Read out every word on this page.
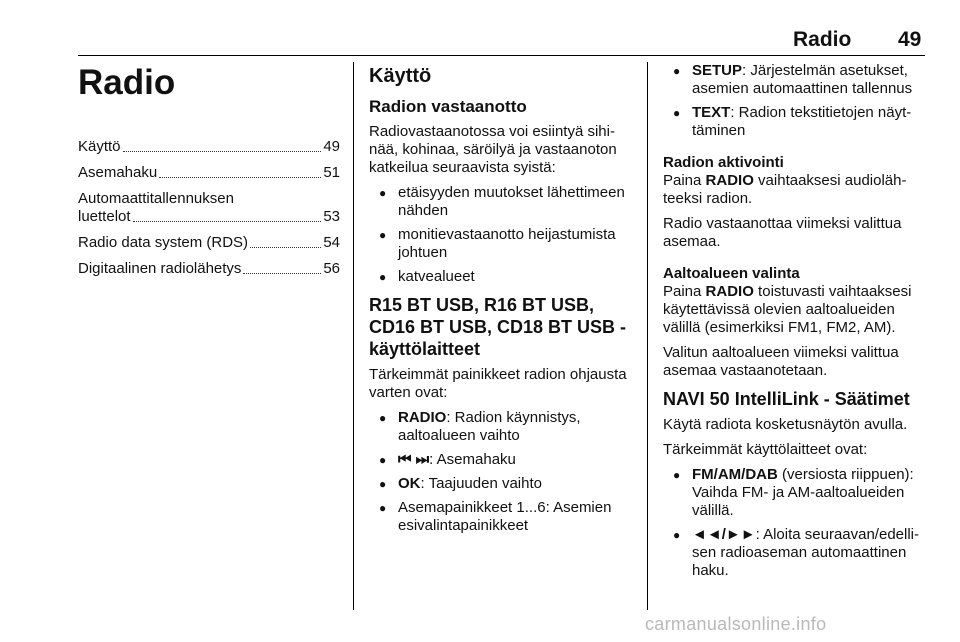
Radio 49
Radio
Käyttö	49
Asemahaku	51
Automaattitallennuksen
luettelot	53
Radio data system (RDS)	54
Digitaalinen radiolähetys	56
Käyttö
Radion vastaanotto

Radiovastaanotossa voi esiintyä sihinää, kohinaa, säröilyä ja vastaanoton katkeilua seuraavista syistä:

● etäisyyden muutokset lähettimeen nähden
● monitievastaanotto heijastumista johtuen
● katvealueet
R15 BT USB, R16 BT USB, CD16 BT USB, CD18 BT USB - käyttölaitteet

Tärkeimmät painikkeet radion ohjausta varten ovat:

● RADIO: Radion käynnistys, aaltoalueen vaihto
● ⏮ ⏭: Asemahaku
● OK: Taajuuden vaihto
● Asemapainikkeet 1...6: Asemien esivalintapainikkeet
● SETUP: Järjestelmän asetukset, asemien automaattinen tallennus
● TEXT: Radion tekstitietojen näyttäminen
Radion aktivointi

Paina RADIO vaihtaaksesi audiolähteeksi radion.

Radio vastaanottaa viimeksi valittua asemaa.

Aaltoalueen valinta

Paina RADIO toistuvasti vaihtaaksesi käytettävissä olevien aaltoalueiden välillä (esimerkiksi FM1, FM2, AM).

Valitun aaltoalueen viimeksi valittua asemaa vastaanotetaan.

NAVI 50 IntelliLink - Säätimet

Käytä radiota kosketusnäytön avulla.

Tärkeimmät käyttölaitteet ovat:

● FM/AM/DAB (versiosta riippuen): Vaihda FM- ja AM-aaltoalueiden välillä.
● ◄◄/►►: Aloita seuraavan/edellisen radioaseman automaattinen haku.
carmanualsonline.info
